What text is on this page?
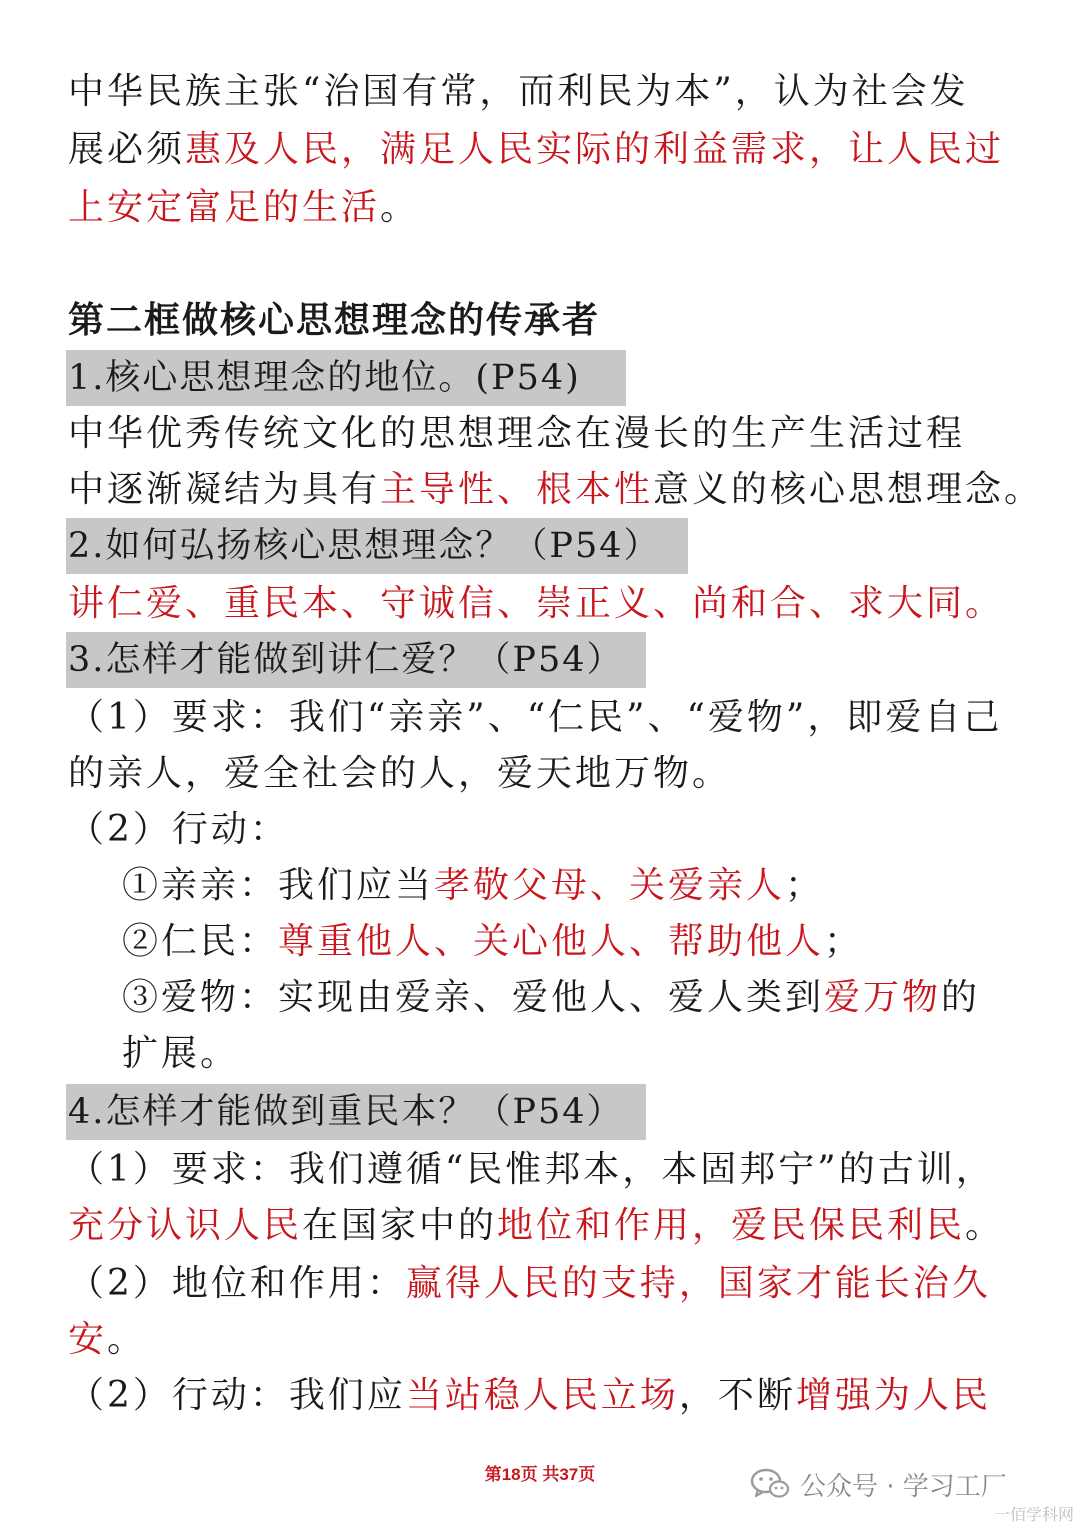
中华民族主张“治国有常，而利民为本”，认为社会发
展必须惠及人民，满足人民实际的利益需求，让人民过
上安定富足的生活。
第二框做核心思想理念的传承者
1.核心思想理念的地位。(P54)
中华优秀传统文化的思想理念在漫长的生产生活过程
中逐渐凝结为具有主导性、根本性意义的核心思想理念。
2.如何弘扬核心思想理念？（P54）
讲仁爱、重民本、守诚信、崇正义、尚和合、求大同。
3.怎样才能做到讲仁爱？（P54）
（1）要求：我们“亲亲”、“仁民”、“爱物”，即爱自己
的亲人，爱全社会的人，爱天地万物。
（2）行动：
①亲亲：我们应当孝敬父母、关爱亲人；
②仁民：尊重他人、关心他人、帮助他人；
③爱物：实现由爱亲、爱他人、爱人类到爱万物的
扩展。
4.怎样才能做到重民本？（P54）
（1）要求：我们遵循“民惟邦本，本固邦宁”的古训，
充分认识人民在国家中的地位和作用，爱民保民利民。
（2）地位和作用：赢得人民的支持，国家才能长治久
安。
（2）行动：我们应当站稳人民立场，不断增强为人民
第18页 共37页	公众号 · 学习工厂
一佰学科网
